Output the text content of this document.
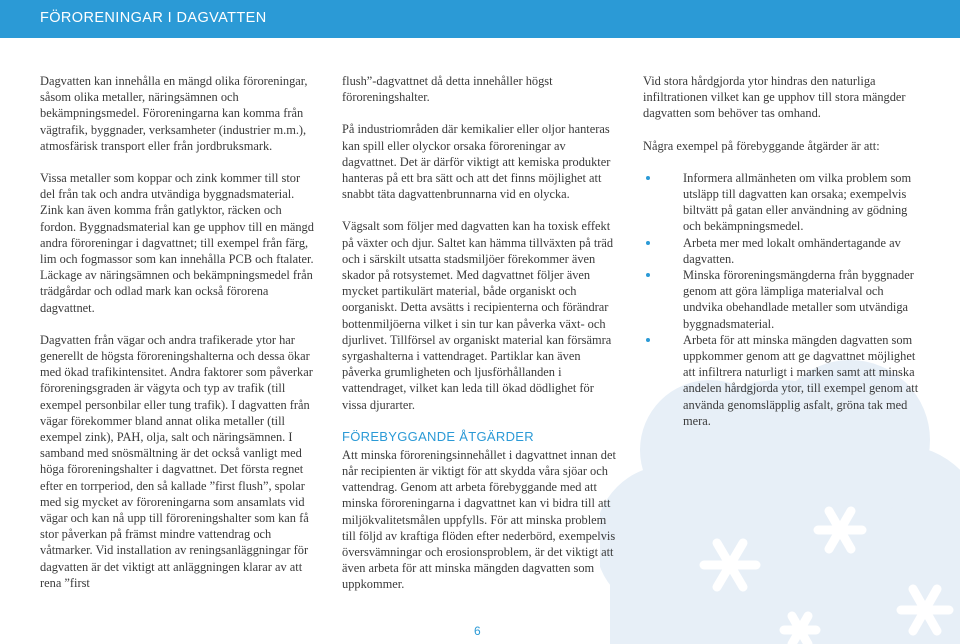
FÖRORENINGAR I DAGVATTEN

Dagvatten kan innehålla en mängd olika föroreningar, såsom olika metaller, näringsämnen och bekämpningsmedel. Föroreningarna kan komma från vägtrafik, byggnader, verksamheter (industrier m.m.), atmosfärisk transport eller från jordbruksmark.

Vissa metaller som koppar och zink kommer till stor del från tak och andra utvändiga byggnadsmaterial. Zink kan även komma från gatlyktor, räcken och fordon. Byggnadsmaterial kan ge upphov till en mängd andra föroreningar i dagvattnet; till exempel från färg, lim och fogmassor som kan innehålla PCB och ftalater. Läckage av näringsämnen och bekämpningsmedel från trädgårdar och odlad mark kan också förorena dagvattnet.

Dagvatten från vägar och andra trafikerade ytor har generellt de högsta föroreningshalterna och dessa ökar med ökad trafikintensitet. Andra faktorer som påverkar föroreningsgraden är vägyta och typ av trafik (till exempel personbilar eller tung trafik). I dagvatten från vägar förekommer bland annat olika metaller (till exempel zink), PAH, olja, salt och näringsämnen. I samband med snösmältning är det också vanligt med höga föroreningshalter i dagvattnet. Det första regnet efter en torrperiod, den så kallade ”first flush”, spolar med sig mycket av föroreningarna som ansamlats vid vägar och kan nå upp till föroreningshalter som kan få stor påverkan på främst mindre vattendrag och våtmarker. Vid installation av reningsanläggningar för dagvatten är det viktigt att anläggningen klarar av att rena ”first

flush”-dagvattnet då detta innehåller högst föroreningshalter.

På industriområden där kemikalier eller oljor hanteras kan spill eller olyckor orsaka föroreningar av dagvattnet. Det är därför viktigt att kemiska produkter hanteras på ett bra sätt och att det finns möjlighet att snabbt täta dagvattenbrunnarna vid en olycka.

Vägsalt som följer med dagvatten kan ha toxisk effekt på växter och djur. Saltet kan hämma tillväxten på träd och i särskilt utsatta stadsmiljöer förekommer även skador på rotsystemet. Med dagvattnet följer även mycket partikulärt material, både organiskt och oorganiskt. Detta avsätts i recipienterna och förändrar bottenmiljöerna vilket i sin tur kan påverka växt- och djurlivet. Tillförsel av organiskt material kan försämra syrgashalterna i vattendraget. Partiklar kan även påverka grumligheten och ljusförhållanden i vattendraget, vilket kan leda till ökad dödlighet för vissa djurarter.

FÖREBYGGANDE ÅTGÄRDER

Att minska föroreningsinnehållet i dagvattnet innan det når recipienten är viktigt för att skydda våra sjöar och vattendrag. Genom att arbeta förebyggande med att minska föroreningarna i dagvattnet kan vi bidra till att miljökvalitetsmålen uppfylls. För att minska problem till följd av kraftiga flöden efter nederbörd, exempelvis översvämningar och erosionsproblem, är det viktigt att även arbeta för att minska mängden dagvatten som uppkommer.

Vid stora hårdgjorda ytor hindras den naturliga infiltrationen vilket kan ge upphov till stora mängder dagvatten som behöver tas omhand.

Några exempel på förebyggande åtgärder är att:

Informera allmänheten om vilka problem som utsläpp till dagvatten kan orsaka; exempelvis biltvätt på gatan eller användning av gödning och bekämpningsmedel.
Arbeta mer med lokalt omhändertagande av dagvatten.
Minska föroreningsmängderna från byggnader genom att göra lämpliga materialval och undvika obehandlade metaller som utvändiga byggnadsmaterial.
Arbeta för att minska mängden dagvatten som uppkommer genom att ge dagvattnet möjlighet att infiltrera naturligt i marken samt att minska andelen hårdgjorda ytor, till exempel genom att använda genomsläpplig asfalt, gröna tak med mera.
6
